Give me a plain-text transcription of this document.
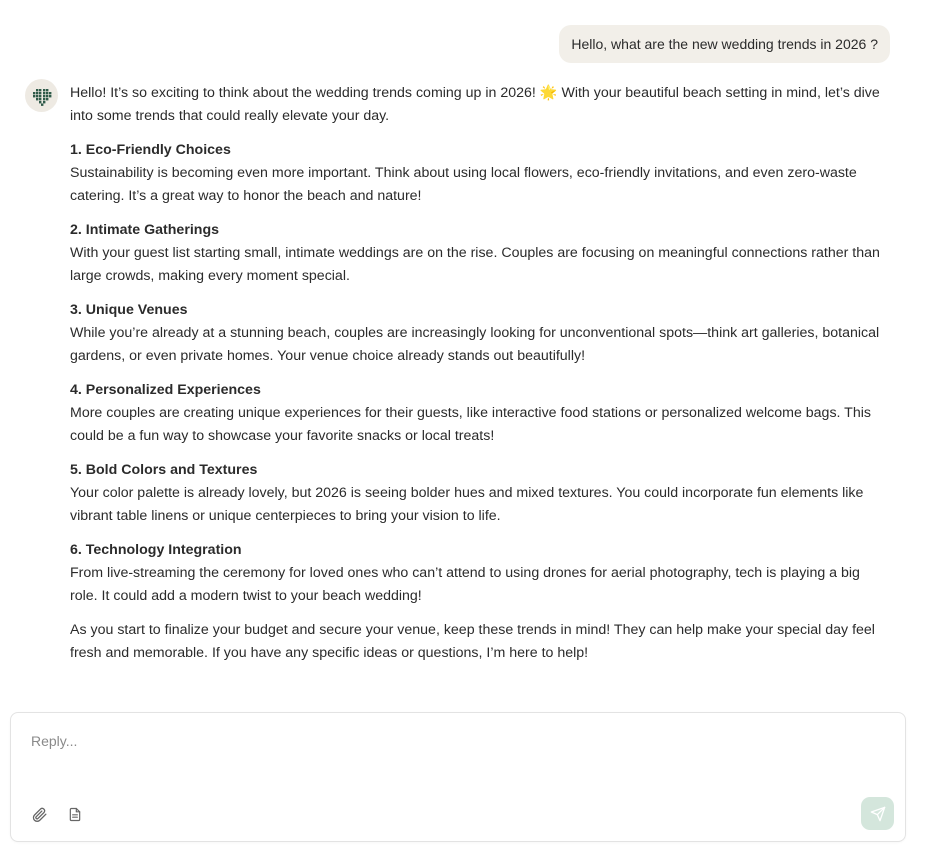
Hello, what are the new wedding trends in 2026 ?

Hello! It’s so exciting to think about the wedding trends coming up in 2026! 🌟 With your beautiful beach setting in mind, let’s dive into some trends that could really elevate your day.

1. Eco-Friendly Choices

Sustainability is becoming even more important. Think about using local flowers, eco-friendly invitations, and even zero-waste catering. It’s a great way to honor the beach and nature!

2. Intimate Gatherings

With your guest list starting small, intimate weddings are on the rise. Couples are focusing on meaningful connections rather than large crowds, making every moment special.

3. Unique Venues

While you’re already at a stunning beach, couples are increasingly looking for unconventional spots—think art galleries, botanical gardens, or even private homes. Your venue choice already stands out beautifully!

4. Personalized Experiences

More couples are creating unique experiences for their guests, like interactive food stations or personalized welcome bags. This could be a fun way to showcase your favorite snacks or local treats!

5. Bold Colors and Textures

Your color palette is already lovely, but 2026 is seeing bolder hues and mixed textures. You could incorporate fun elements like vibrant table linens or unique centerpieces to bring your vision to life.

6. Technology Integration

From live-streaming the ceremony for loved ones who can’t attend to using drones for aerial photography, tech is playing a big role. It could add a modern twist to your beach wedding!

As you start to finalize your budget and secure your venue, keep these trends in mind! They can help make your special day feel fresh and memorable. If you have any specific ideas or questions, I’m here to help!

Reply...
